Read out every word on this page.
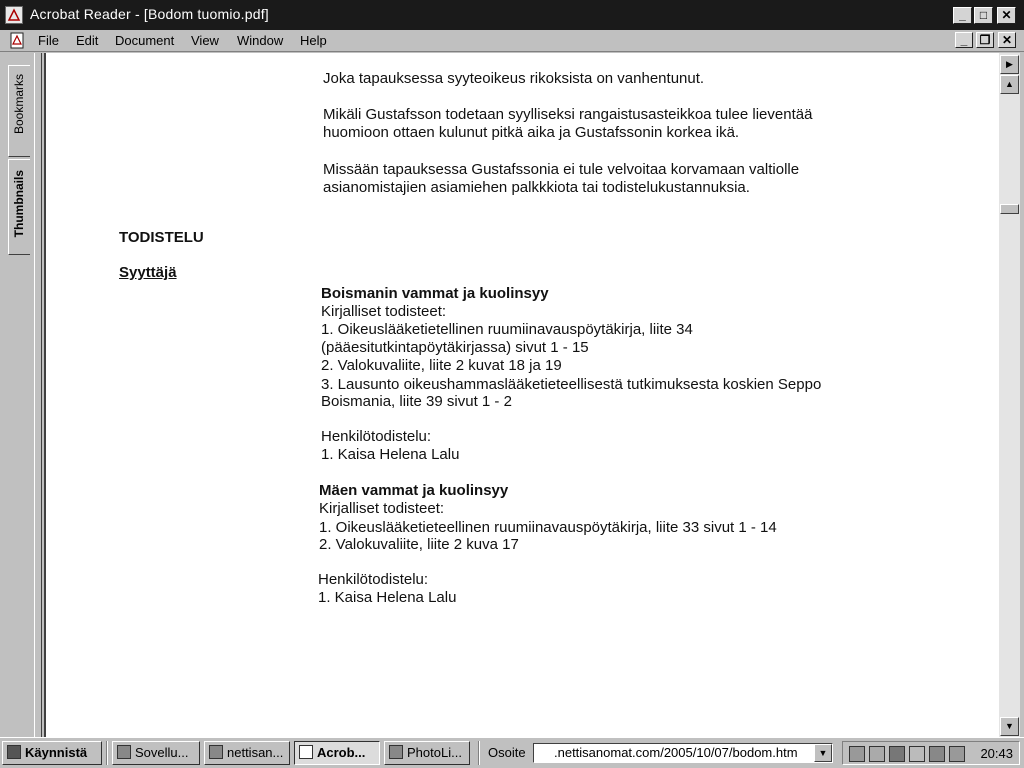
Acrobat Reader - [Bodom tuomio.pdf]	_	□	✕
File Edit Document View Window Help	_	❐ ✕
Bookmarks
Thumbnails
Joka tapauksessa syyteoikeus rikoksista on vanhentunut.
Mikäli Gustafsson todetaan syylliseksi rangaistusasteikkoa tulee lieventää
huomioon ottaen kulunut pitkä aika ja Gustafssonin korkea ikä.
Missään tapauksessa Gustafssonia ei tule velvoitaa korvamaan valtiolle
asianomistajien asiamiehen palkkkiota tai todistelukustannuksia.
TODISTELU
Syyttäjä
Boismanin vammat ja kuolinsyy
Kirjalliset todisteet:
1. Oikeuslääketietellinen ruumiinavauspöytäkirja, liite 34
(pääesitutkintapöytäkirjassa) sivut 1 - 15
2. Valokuvaliite, liite 2 kuvat 18 ja 19
3. Lausunto oikeushammaslääketieteellisestä tutkimuksesta koskien Seppo
Boismania, liite 39 sivut 1 - 2
Henkilötodistelu:
1. Kaisa Helena Lalu
Mäen vammat ja kuolinsyy
Kirjalliset todisteet:
1. Oikeuslääketieteellinen ruumiinavauspöytäkirja, liite 33 sivut 1 - 14
2. Valokuvaliite, liite 2 kuva 17
Henkilötodistelu:
1. Kaisa Helena Lalu
▶
▲
▼
Käynnistä	Sovellu...	nettisan...	Acrob...	PhotoLi...	Osoite	.nettisanomat.com/2005/10/07/bodom.htm	▼	20:43
